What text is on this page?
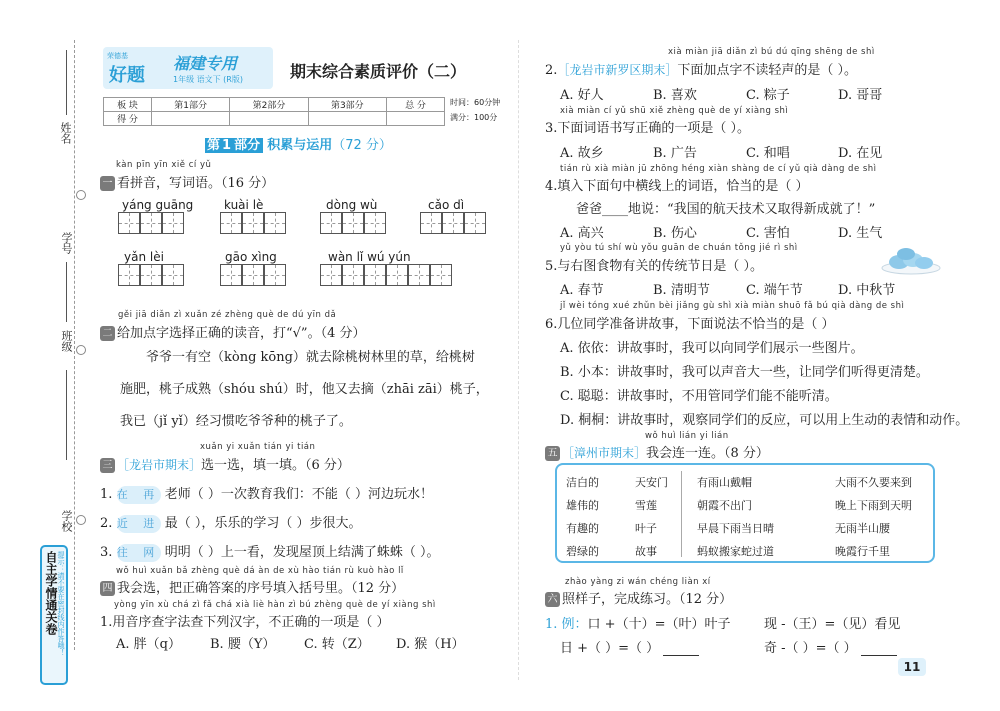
姓名
学号
班级
学校
自主学情通关卷 提示：请不要在密封线内作答哦！
荣德基
好题
福建专用
1年级 语文下 (R版)	期末综合素质评价（二）
板 块	第1部分	第2部分	第3部分	总 分
得 分				
时间：60分钟
满分：100分
第 1 部分 积累与运用（72 分）
kàn pīn yīn xiě cí yǔ
一 看拼音，写词语。（16 分）
yáng guāng	kuài lè	dòng wù	cǎo dì
yǎn lèi	gāo xìng	wàn lǐ wú yún
gěi jiā diǎn zì xuǎn zé zhèng què de dú yīn dǎ
二 给加点字选择正确的读音，打“√”。（4 分）
爷爷一有空（kòng kōng）就去除桃树林里的草，给桃树
施肥，桃子成熟（shóu shú）时，他又去摘（zhāi zāi）桃子，
我已（jǐ yǐ）经习惯吃爷爷种的桃子了。
xuǎn yi xuǎn tián yi tián
三 ［龙岩市期末］选一选，填一填。（6 分）
1. 在 再 老师（ ）一次教育我们：不能（ ）河边玩水！
2. 近 进 最（ ），乐乐的学习（ ）步很大。
3. 往 网 明明（ ）上一看，发现屋顶上结满了蛛蛛（ ）。
wǒ huì xuǎn bǎ zhèng què dá àn de xù hào tián rù kuò hào lǐ
四 我会选，把正确答案的序号填入括号里。（12 分）
yòng yīn xù chá zì fǎ chá xià liè hàn zì bú zhèng què de yí xiàng shì
1.用音序查字法查下列汉字，不正确的一项是（ ）
A. 胖（q） B. 腰（Y） C. 转（Z） D. 猴（H）
xià miàn jiā diǎn zì bú dú qīng shēng de shì
2.［龙岩市新罗区期末］下面加点字不读轻声的是（ ）。
A. 好人	B. 喜欢	C. 粽子	D. 哥哥
xià miàn cí yǔ shū xiě zhèng què de yí xiàng shì
3.下面词语书写正确的一项是（ ）。
A. 故乡	B. 广告	C. 和唱	D. 在见
tián rù xià miàn jū zhōng héng xiàn shàng de cí yǔ qià dàng de shì
4.填入下面句中横线上的词语，恰当的是（ ）
爸爸____地说：“我国的航天技术又取得新成就了！”
A. 高兴	B. 伤心	C. 害怕	D. 生气
yǔ yòu tú shí wù yǒu guān de chuán tǒng jié rì shì
5.与右图食物有关的传统节日是（ ）。
A. 春节	B. 清明节	C. 端午节	D. 中秋节
jǐ wèi tóng xué zhǔn bèi jiǎng gù shì xià miàn shuō fǎ bú qià dàng de shì
6.几位同学准备讲故事，下面说法不恰当的是（ ）
A. 依依：讲故事时，我可以向同学们展示一些图片。
B. 小本：讲故事时，我可以声音大一些，让同学们听得更清楚。
C. 聪聪：讲故事时，不用管同学们能不能听清。
D. 桐桐：讲故事时，观察同学们的反应，可以用上生动的表情和动作。
wǒ huì lián yi lián
五 ［漳州市期末］我会连一连。（8 分）
洁白的
雄伟的
有趣的
碧绿的
天安门
雪莲
叶子
故事
有雨山戴帽
朝霞不出门
早晨下雨当日晴
蚂蚁搬家蛇过道
大雨不久要来到
晚上下雨到天明
无雨半山腰
晚霞行千里
zhào yàng zi wán chéng liàn xí
六 照样子，完成练习。（12 分）
1. 例：口 +（十）=（叶）叶子	现 -（王）=（见）看见
日 +（ ）=（ ）	奇 -（ ）=（ ）
11
